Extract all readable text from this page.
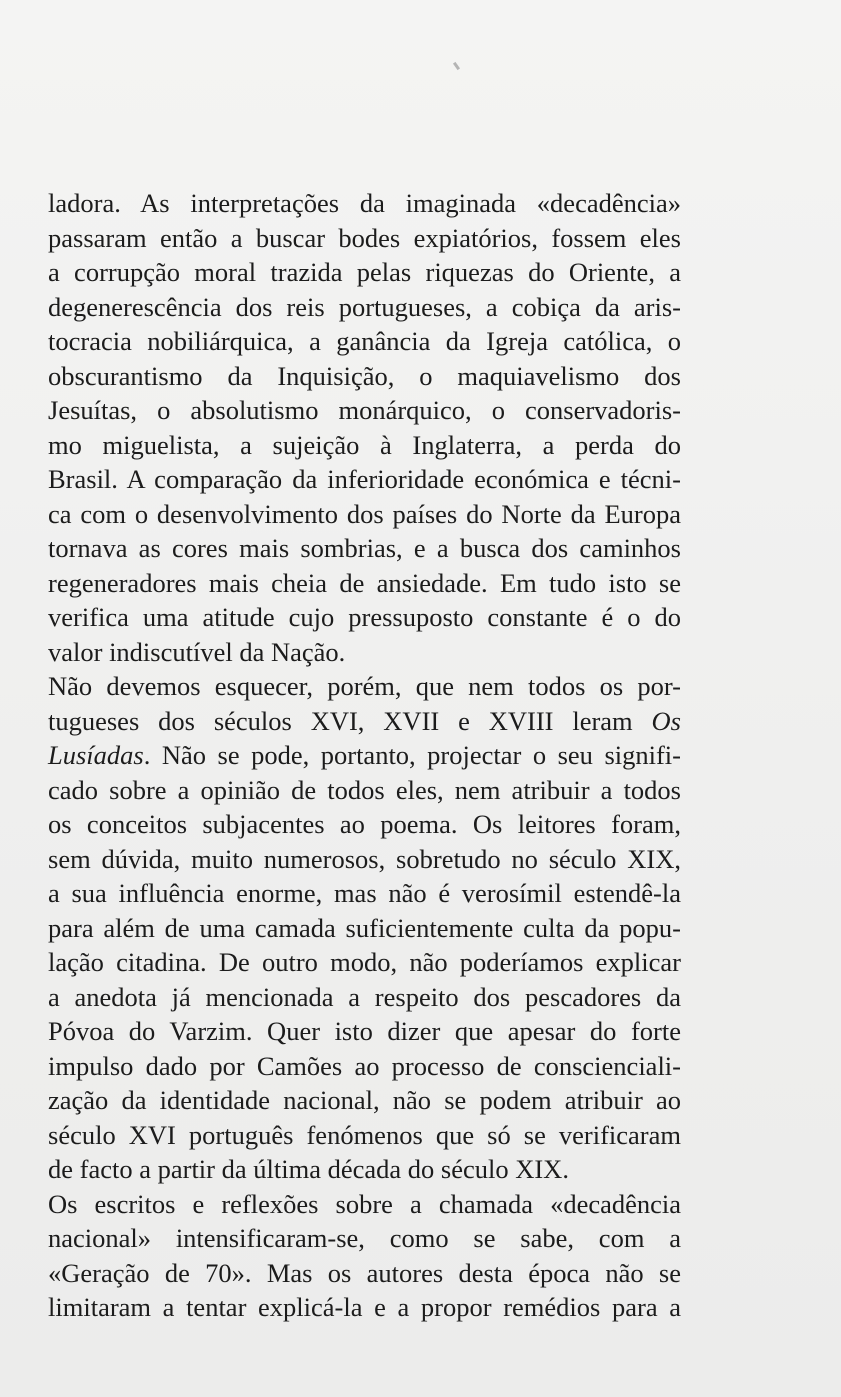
ladora. As interpretações da imaginada «decadência»
passaram então a buscar bodes expiatórios, fossem eles
a corrupção moral trazida pelas riquezas do Oriente, a
degenerescência dos reis portugueses, a cobiça da aris-
tocracia nobiliárquica, a ganância da Igreja católica, o
obscurantismo da Inquisição, o maquiavelismo dos
Jesuítas, o absolutismo monárquico, o conservadoris-
mo miguelista, a sujeição à Inglaterra, a perda do
Brasil. A comparação da inferioridade económica e técni-
ca com o desenvolvimento dos países do Norte da Europa
tornava as cores mais sombrias, e a busca dos caminhos
regeneradores mais cheia de ansiedade. Em tudo isto se
verifica uma atitude cujo pressuposto constante é o do
valor indiscutível da Nação.
Não devemos esquecer, porém, que nem todos os por-
tugueses dos séculos XVI, XVII e XVIII leram Os
Lusíadas. Não se pode, portanto, projectar o seu signifi-
cado sobre a opinião de todos eles, nem atribuir a todos
os conceitos subjacentes ao poema. Os leitores foram,
sem dúvida, muito numerosos, sobretudo no século XIX,
a sua influência enorme, mas não é verosímil estendê-la
para além de uma camada suficientemente culta da popu-
lação citadina. De outro modo, não poderíamos explicar
a anedota já mencionada a respeito dos pescadores da
Póvoa do Varzim. Quer isto dizer que apesar do forte
impulso dado por Camões ao processo de conscienciali-
zação da identidade nacional, não se podem atribuir ao
século XVI português fenómenos que só se verificaram
de facto a partir da última década do século XIX.
Os escritos e reflexões sobre a chamada «decadência
nacional» intensificaram-se, como se sabe, com a
«Geração de 70». Mas os autores desta época não se
limitaram a tentar explicá-la e a propor remédios para a
